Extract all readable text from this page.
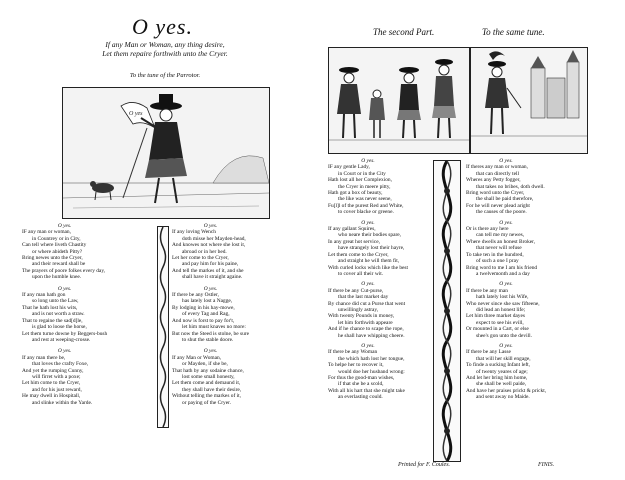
O yes.
If any Man or Woman, any thing desire,
Let them repaire forthwith unto the Cryer.
To the tune of the Parrotor.
O yes
O yes.
IF any man or woman,
in Countrey or in City,
Can tell where liveth Chastity
or where abideth Pitty?
Bring newes unto the Cryer,
and their reward shall be
The prayers of poore folkes every day,
upon the humble knee.
O yes.
If any man hath gon
so long unto the Law,
That he hath lost his wits,
and is not worth a straw.
That to regaine the sad[d]le,
is glad to loose the horse,
Let them turne downe by Beggers-bush
and rest at weeping-crosse.
O yes.
If any man there be,
that loves the crafty Foxe,
And yet the rumping Cunny,
will firret with a poxe;
Let him come to the Cryer,
and for his just reward,
He may dwell in Hospitall,
and slinke within the Yarde.
O yes.
If any loving Wench
doth misse her Mayden-head,
And knowes not where she lost it,
abroad or in her bed.
Let her come to the Cryer,
and pay him for his paine,
And tell the markes of it, and she
shall have it straight againe.
O yes.
If there be any Ostler,
has lately lost a Nagge,
By lodging in his hay-mowe,
of every Tag and Rag,
And now is forst to pay for't,
let him must knaves no more:
But now the Steed is stolne, be sure
to shut the stable doore.
O yes.
If any Man or Woman,
or Mayden, if she be,
That hath by any sodaine chance,
lost some small honesty,
Let them come and demaund it,
they shall have their desire,
Without telling the markes of it,
or paying of the Cryer.
The second Part.	To the same tune.
O yes.
IF any gentle Lady,
in Court or in the City
Hath lost all her Complexion,
the Cryer in meere pitty,
Hath got a box of beauty,
the like was never seene,
Fu[l]l of the purest Red and White,
to cover blacke or greene.
O yes.
If any gallant Squires,
who neare their bodies spare,
In any great hot service,
have strangely lost their hayre,
Let them come to the Cryer,
and straight he will them fit,
With curled locks which like the best
to cover all their wit.
O yes.
If there be any Cut-purse,
that the last market day
By chance did cut a Purse that went
unwillingly astray,
With twenty Pounds in money,
let him forthwith appeare
And if he chance to scape the rope,
he shall have whipping cheere.
O yes.
If there be any Woman
the which hath lost her tongue,
To helpe her to recover it,
would doe her husband wrong:
For thus the good-man wishes,
if that she be a scold,
With all his hart that she might take
an everlasting could.
O yes.
If theres any man or woman,
that can directly tell
Wheres any Petty fogger,
that takes no bribes, doth dwell.
Bring word unto the Cryer,
the shall be paid therefore,
For he will never plead aright
the causes of the poore.
O yes.
Or is there any here
can tell me my newes,
Where dwells an honest Broker,
that never will refuse
To take ten in the hundred,
of such a one I pray
Bring word to me I am his friend
a twelvemonth and a day
O yes.
If there be any man
hath lately lost his Wife,
Who never since she saw fifteene,
did lead an honest life;
Let him three market dayes
expect to see his evill,
Or mounted in a Cart, or else
shee's gon unto the devill.
O yes.
If there be any Lasse
that will her skill engage,
To finde a sucking Infant left,
of twenty yeares of age;
And let her bring him home,
she shall be well paide,
And have her praises prickt & prickt,
and sent away no Maide.
Printed for F. Coules.	FINIS.
